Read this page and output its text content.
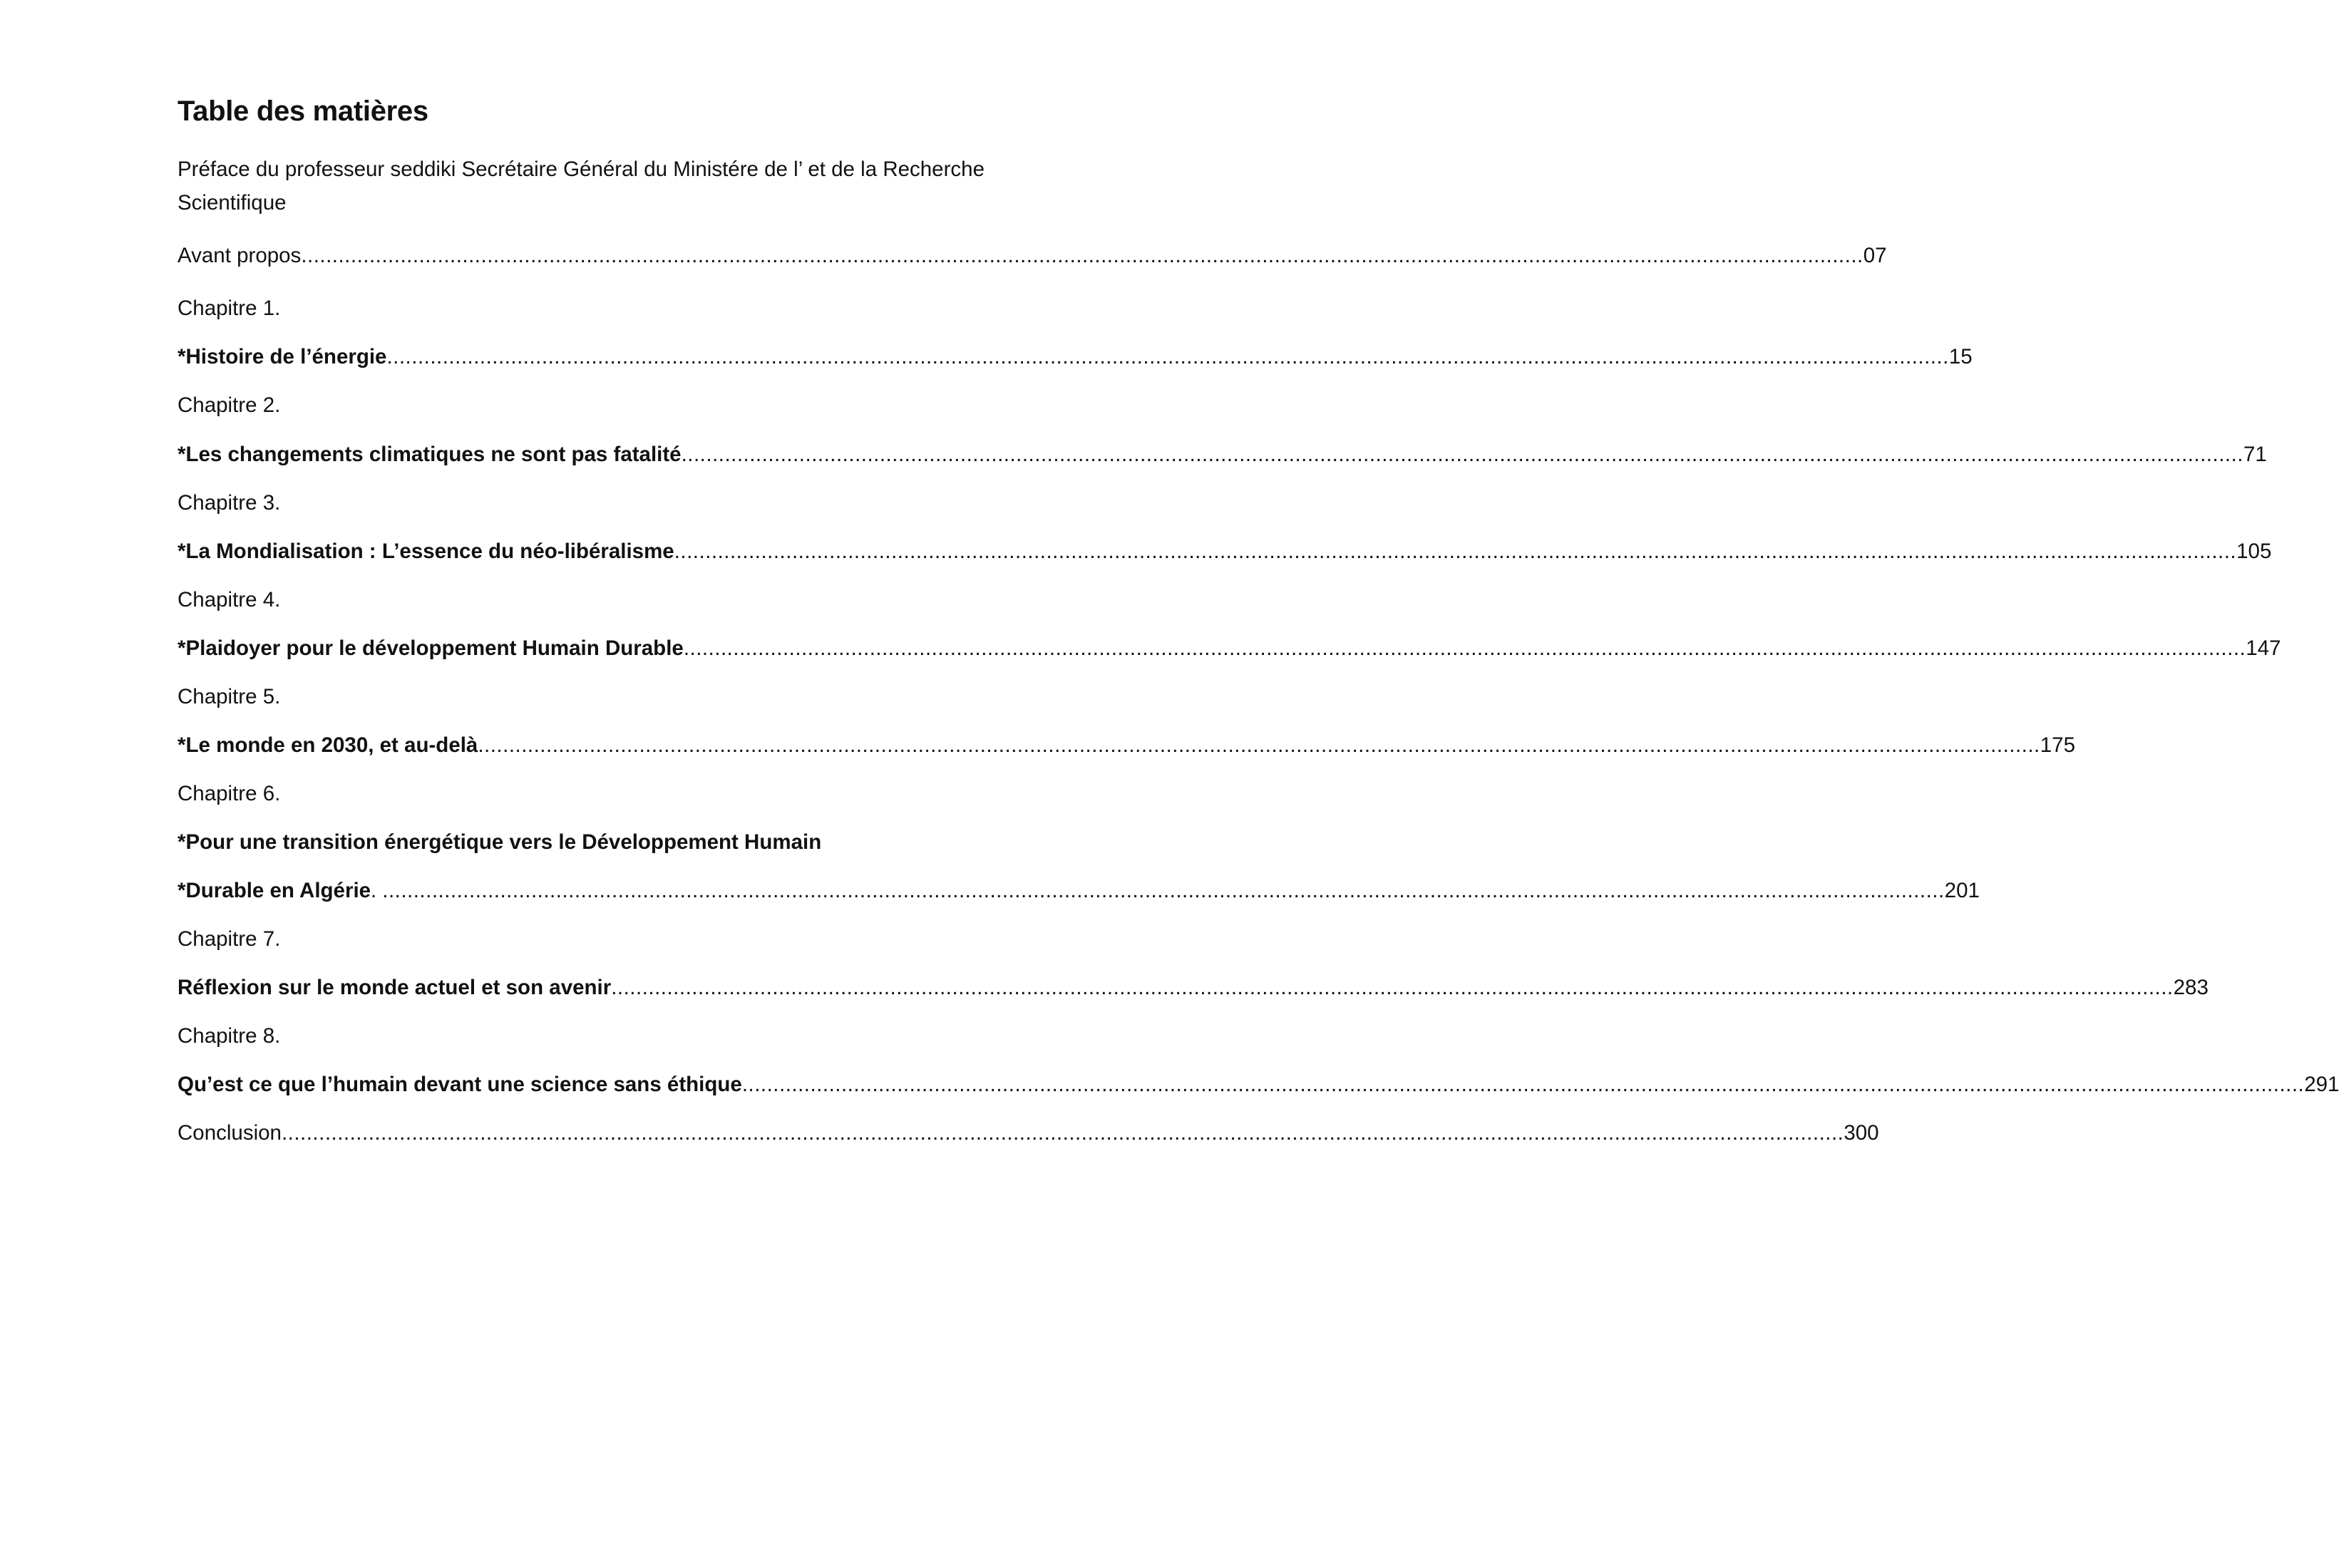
Table des matières
Préface du professeur seddiki Secrétaire Général du Ministére de l’ et de la Recherche Scientifique
Avant propos ............................................................................................................................................................................................................................................................ 07
Chapitre 1.
*Histoire de l’énergie ............................................................................................................................................................................................................................................................ 15
Chapitre 2.
*Les changements climatiques ne sont pas fatalité ............................................................................................................................................................................................................................................................ 71
Chapitre 3.
*La Mondialisation : L’essence du néo-libéralisme ............................................................................................................................................................................................................................................................ 105
Chapitre 4.
*Plaidoyer pour le développement Humain Durable ............................................................................................................................................................................................................................................................ 147
Chapitre 5.
*Le monde en 2030, et au-delà ............................................................................................................................................................................................................................................................ 175
Chapitre 6.
*Pour une transition énergétique vers le Développement Humain
*Durable en Algérie . ............................................................................................................................................................................................................................................................ 201
Chapitre 7.
Réflexion sur le monde actuel et son avenir ............................................................................................................................................................................................................................................................ 283
Chapitre 8.
Qu’est ce que l’humain devant une science sans éthique ............................................................................................................................................................................................................................................................ 291
Conclusion ............................................................................................................................................................................................................................................................ 300
